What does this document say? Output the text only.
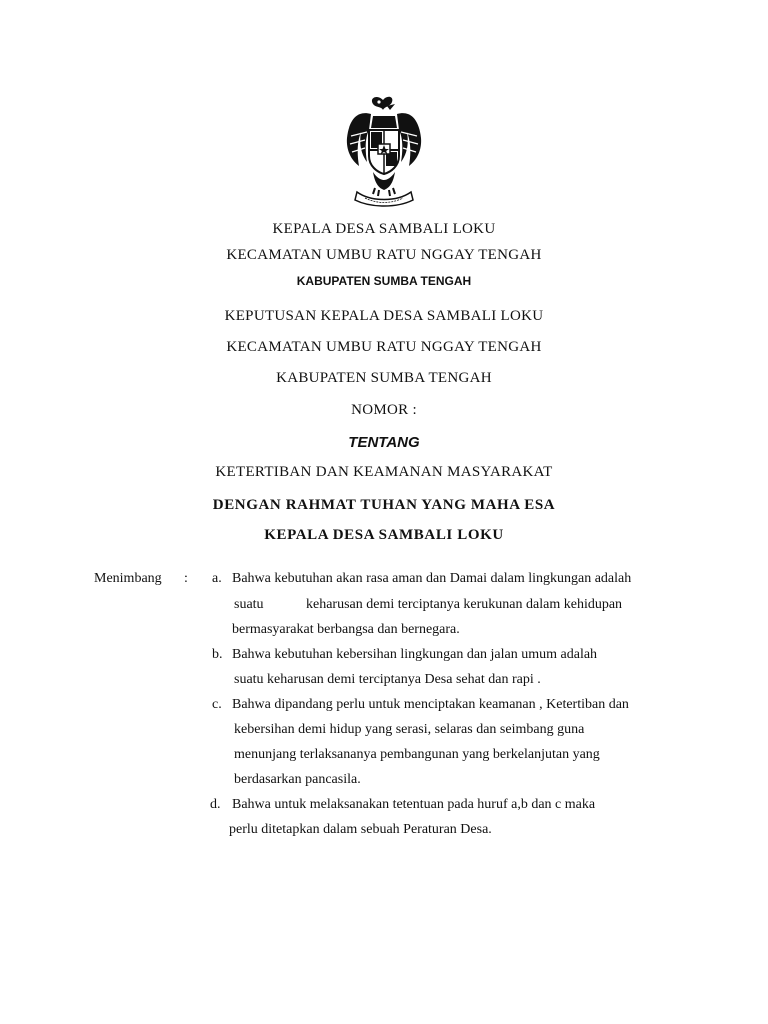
KEPALA DESA SAMBALI LOKU
KECAMATAN UMBU RATU NGGAY TENGAH
KABUPATEN SUMBA TENGAH
KEPUTUSAN KEPALA DESA SAMBALI LOKU
KECAMATAN UMBU RATU NGGAY TENGAH
KABUPATEN SUMBA TENGAH
NOMOR :
TENTANG
KETERTIBAN DAN KEAMANAN MASYARAKAT
DENGAN RAHMAT TUHAN YANG MAHA ESA
KEPALA DESA SAMBALI LOKU
Menimbang : a. Bahwa kebutuhan akan rasa aman dan Damai dalam lingkungan adalah
suatu	keharusan demi terciptanya kerukunan dalam kehidupan
bermasyarakat berbangsa dan bernegara.
b. Bahwa kebutuhan kebersihan lingkungan dan jalan umum adalah
suatu keharusan demi terciptanya Desa sehat dan rapi .
c. Bahwa dipandang perlu untuk menciptakan keamanan , Ketertiban dan
kebersihan demi hidup yang serasi, selaras dan seimbang guna
menunjang terlaksananya pembangunan yang berkelanjutan yang
berdasarkan pancasila.
d. Bahwa untuk melaksanakan tetentuan pada huruf a,b dan c maka
perlu ditetapkan dalam sebuah Peraturan Desa.
